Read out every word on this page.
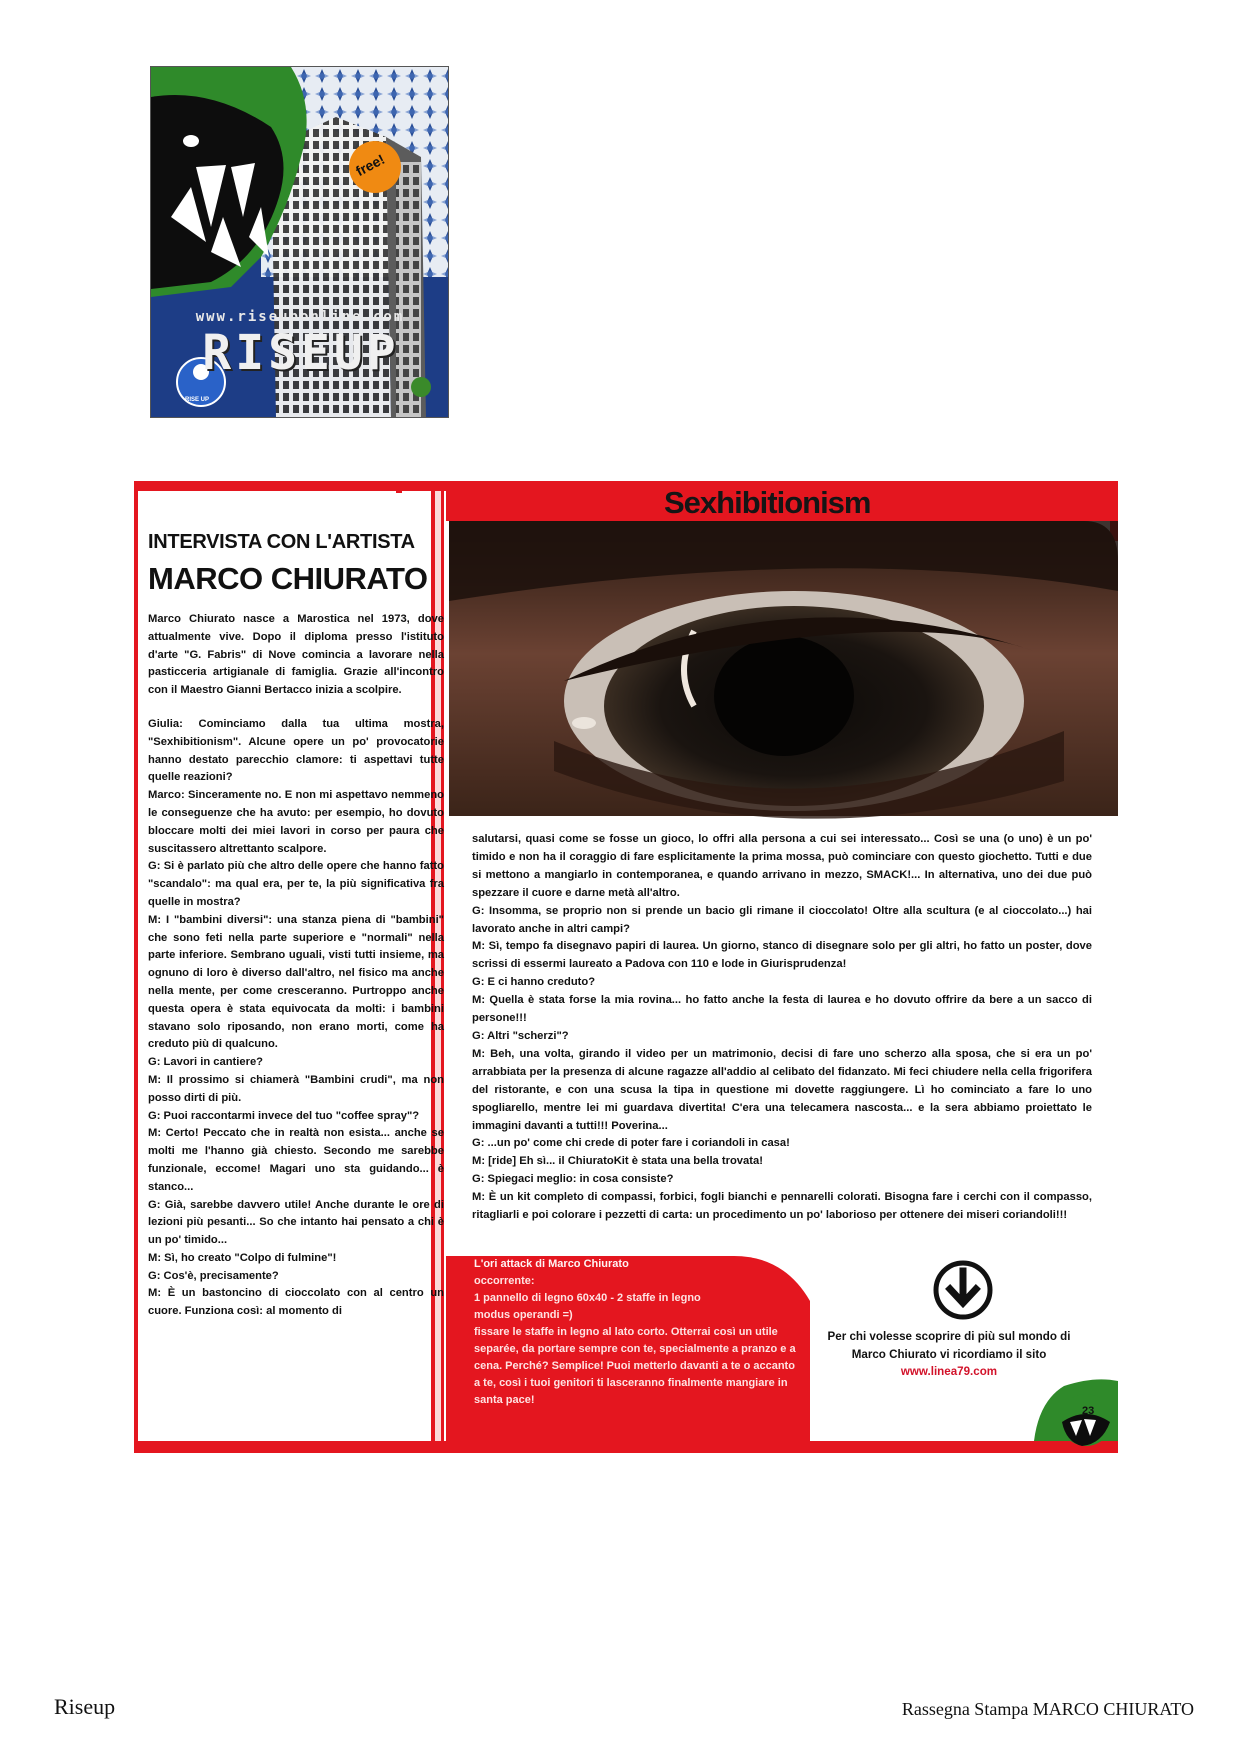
free!
www.riseuponline.com
RISEUP
RISE UP
INTERVISTA CON L'ARTISTA
MARCO CHIURATO
Sexhibitionism

Marco Chiurato nasce a Marostica nel 1973, dove attualmente vive. Dopo il diploma presso l'istituto d'arte "G. Fabris" di Nove comincia a lavorare nella pasticceria artigianale di famiglia. Grazie all'incontro con il Maestro Gianni Bertacco inizia a scolpire.

Giulia: Cominciamo dalla tua ultima mostra, "Sexhibitionism". Alcune opere un po' provocatorie hanno destato parecchio clamore: ti aspettavi tutte quelle reazioni?

Marco: Sinceramente no. E non mi aspettavo nemmeno le conseguenze che ha avuto: per esempio, ho dovuto bloccare molti dei miei lavori in corso per paura che suscitassero altrettanto scalpore.

G: Si è parlato più che altro delle opere che hanno fatto "scandalo": ma qual era, per te, la più significativa fra quelle in mostra?

M: I "bambini diversi": una stanza piena di "bambini" che sono feti nella parte superiore e "normali" nella parte inferiore. Sembrano uguali, visti tutti insieme, ma ognuno di loro è diverso dall'altro, nel fisico ma anche nella mente, per come cresceranno. Purtroppo anche questa opera è stata equivocata da molti: i bambini stavano solo riposando, non erano morti, come ha creduto più di qualcuno.

G: Lavori in cantiere?

M: Il prossimo si chiamerà "Bambini crudi", ma non posso dirti di più.

G: Puoi raccontarmi invece del tuo "coffee spray"?

M: Certo! Peccato che in realtà non esista... anche se molti me l'hanno già chiesto. Secondo me sarebbe funzionale, eccome! Magari uno sta guidando... è stanco...

G: Già, sarebbe davvero utile! Anche durante le ore di lezioni più pesanti... So che intanto hai pensato a chi è un po' timido...

M: Sì, ho creato "Colpo di fulmine"!

G: Cos'è, precisamente?

M: È un bastoncino di cioccolato con al centro un cuore. Funziona così: al momento di

salutarsi, quasi come se fosse un gioco, lo offri alla persona a cui sei interessato... Così se una (o uno) è un po' timido e non ha il coraggio di fare esplicitamente la prima mossa, può cominciare con questo giochetto. Tutti e due si mettono a mangiarlo in contemporanea, e quando arrivano in mezzo, SMACK!... In alternativa, uno dei due può spezzare il cuore e darne metà all'altro.

G: Insomma, se proprio non si prende un bacio gli rimane il cioccolato! Oltre alla scultura (e al cioccolato...) hai lavorato anche in altri campi?

M: Sì, tempo fa disegnavo papiri di laurea. Un giorno, stanco di disegnare solo per gli altri, ho fatto un poster, dove scrissi di essermi laureato a Padova con 110 e lode in Giurisprudenza!

G: E ci hanno creduto?

M: Quella è stata forse la mia rovina... ho fatto anche la festa di laurea e ho dovuto offrire da bere a un sacco di persone!!!

G: Altri "scherzi"?

M: Beh, una volta, girando il video per un matrimonio, decisi di fare uno scherzo alla sposa, che si era un po' arrabbiata per la presenza di alcune ragazze all'addio al celibato del fidanzato. Mi feci chiudere nella cella frigorifera del ristorante, e con una scusa la tipa in questione mi dovette raggiungere. Lì ho cominciato a fare lo uno spogliarello, mentre lei mi guardava divertita! C'era una telecamera nascosta... e la sera abbiamo proiettato le immagini davanti a tutti!!! Poverina...

G: ...un po' come chi crede di poter fare i coriandoli in casa!

M: [ride] Eh sì... il ChiuratoKit è stata una bella trovata!

G: Spiegaci meglio: in cosa consiste?

M: È un kit completo di compassi, forbici, fogli bianchi e pennarelli colorati. Bisogna fare i cerchi con il compasso, ritagliarli e poi colorare i pezzetti di carta: un procedimento un po' laborioso per ottenere dei miseri coriandoli!!!

L'ori attack di Marco Chiurato
occorrente:
1 pannello di legno 60x40 - 2 staffe in legno
modus operandi =)
fissare le staffe in legno al lato corto. Otterrai così un utile separée, da portare sempre con te, specialmente a pranzo e a cena. Perché? Semplice! Puoi metterlo davanti a te o accanto a te, così i tuoi genitori ti lasceranno finalmente mangiare in santa pace!
Per chi volesse scoprire di più sul mondo di Marco Chiurato vi ricordiamo il sito www.linea79.com
23
Riseup	Rassegna Stampa MARCO CHIURATO
